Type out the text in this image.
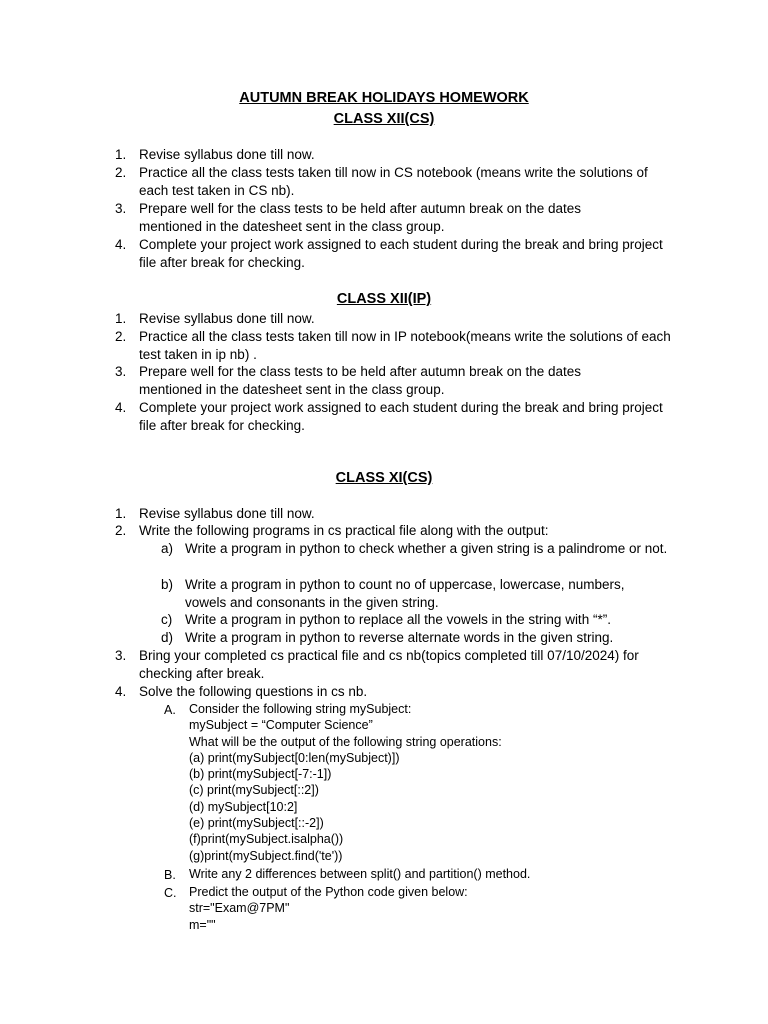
AUTUMN BREAK HOLIDAYS HOMEWORK
CLASS XII(CS)
1. Revise syllabus done till now.
2. Practice all the class tests taken till now in CS notebook (means write the solutions of each test taken in CS nb).
3. Prepare well for the class tests to be held after autumn break on the dates mentioned in the datesheet sent in the class group.
4. Complete your project work assigned to each student during the break and bring project file after break for checking.
CLASS XII(IP)
1. Revise syllabus done till now.
2. Practice all the class tests taken till now in IP notebook(means write the solutions of each test taken in ip nb) .
3. Prepare well for the class tests to be held after autumn break on the dates mentioned in the datesheet sent in the class group.
4. Complete your project work assigned to each student during the break and bring project file after break for checking.
CLASS XI(CS)
1. Revise syllabus done till now.
2. Write the following programs in cs practical file along with the output:
a) Write a program in python to check whether a given string is a palindrome or not.
b) Write a program in python to count no of uppercase, lowercase, numbers, vowels and consonants in the given string.
c) Write a program in python to replace all the vowels in the string with “*”.
d) Write a program in python to reverse alternate words in the given string.
3. Bring your completed cs practical file and cs nb(topics completed till 07/10/2024) for checking after break.
4. Solve the following questions in cs nb.
A.	Consider the following string mySubject:
mySubject = “Computer Science”
What will be the output of the following string operations:
(a) print(mySubject[0:len(mySubject)])
(b) print(mySubject[-7:-1])
(c) print(mySubject[::2])
(d) mySubject[10:2]
(e) print(mySubject[::-2])
(f)print(mySubject.isalpha())
(g)print(mySubject.find('te'))
B.	Write any 2 differences between split() and partition() method.
C.	Predict the output of the Python code given below:
str="Exam@7PM"
m=""
